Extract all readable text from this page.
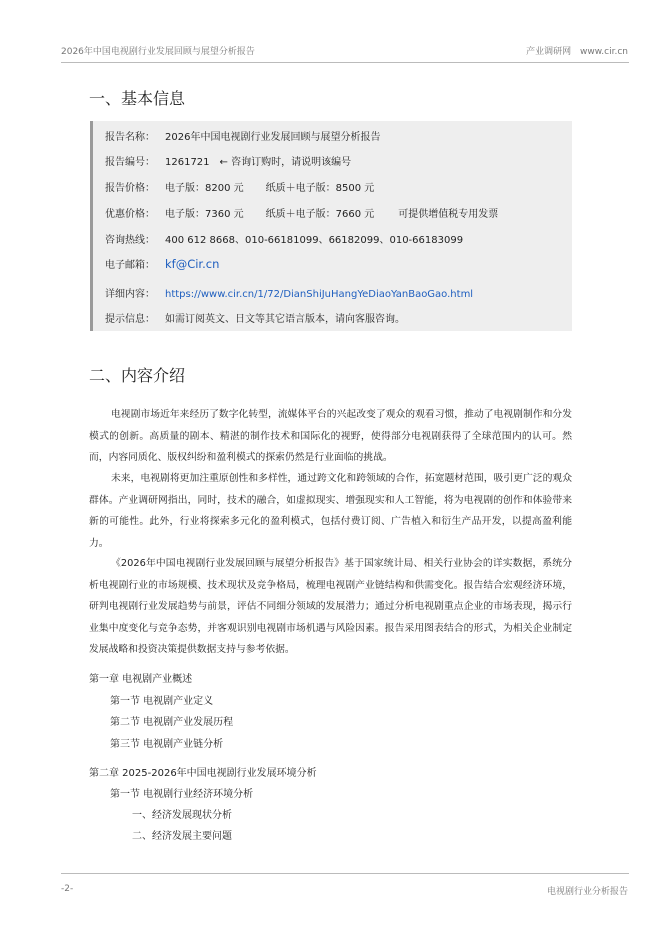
2026年中国电视剧行业发展回顾与展望分析报告	产业调研网 www.cir.cn
一、基本信息
报告名称： 2026年中国电视剧行业发展回顾与展望分析报告
报告编号： 1261721 ← 咨询订购时，请说明该编号
报告价格： 电子版：8200 元 纸质＋电子版：8500 元
优惠价格： 电子版：7360 元 纸质＋电子版：7660 元 可提供增值税专用发票
咨询热线： 400 612 8668、010-66181099、66182099、010-66183099
电子邮箱： kf@Cir.cn
详细内容： https://www.cir.cn/1/72/DianShiJuHangYeDiaoYanBaoGao.html
提示信息： 如需订阅英文、日文等其它语言版本，请向客服咨询。
二、内容介绍

电视剧市场近年来经历了数字化转型，流媒体平台的兴起改变了观众的观看习惯，推动了电视剧制作和分发模式的创新。高质量的剧本、精湛的制作技术和国际化的视野，使得部分电视剧获得了全球范围内的认可。然而，内容同质化、版权纠纷和盈利模式的探索仍然是行业面临的挑战。

未来，电视剧将更加注重原创性和多样性，通过跨文化和跨领域的合作，拓宽题材范围，吸引更广泛的观众群体。产业调研网指出，同时，技术的融合，如虚拟现实、增强现实和人工智能，将为电视剧的创作和体验带来新的可能性。此外，行业将探索多元化的盈利模式，包括付费订阅、广告植入和衍生产品开发，以提高盈利能力。

《2026年中国电视剧行业发展回顾与展望分析报告》基于国家统计局、相关行业协会的详实数据，系统分析电视剧行业的市场规模、技术现状及竞争格局，梳理电视剧产业链结构和供需变化。报告结合宏观经济环境，研判电视剧行业发展趋势与前景，评估不同细分领域的发展潜力；通过分析电视剧重点企业的市场表现，揭示行业集中度变化与竞争态势，并客观识别电视剧市场机遇与风险因素。报告采用图表结合的形式，为相关企业制定发展战略和投资决策提供数据支持与参考依据。

第一章 电视剧产业概述
第一节 电视剧产业定义
第二节 电视剧产业发展历程
第三节 电视剧产业链分析
第二章 2025-2026年中国电视剧行业发展环境分析
第一节 电视剧行业经济环境分析
一、经济发展现状分析
二、经济发展主要问题
-2-	电视剧行业分析报告
